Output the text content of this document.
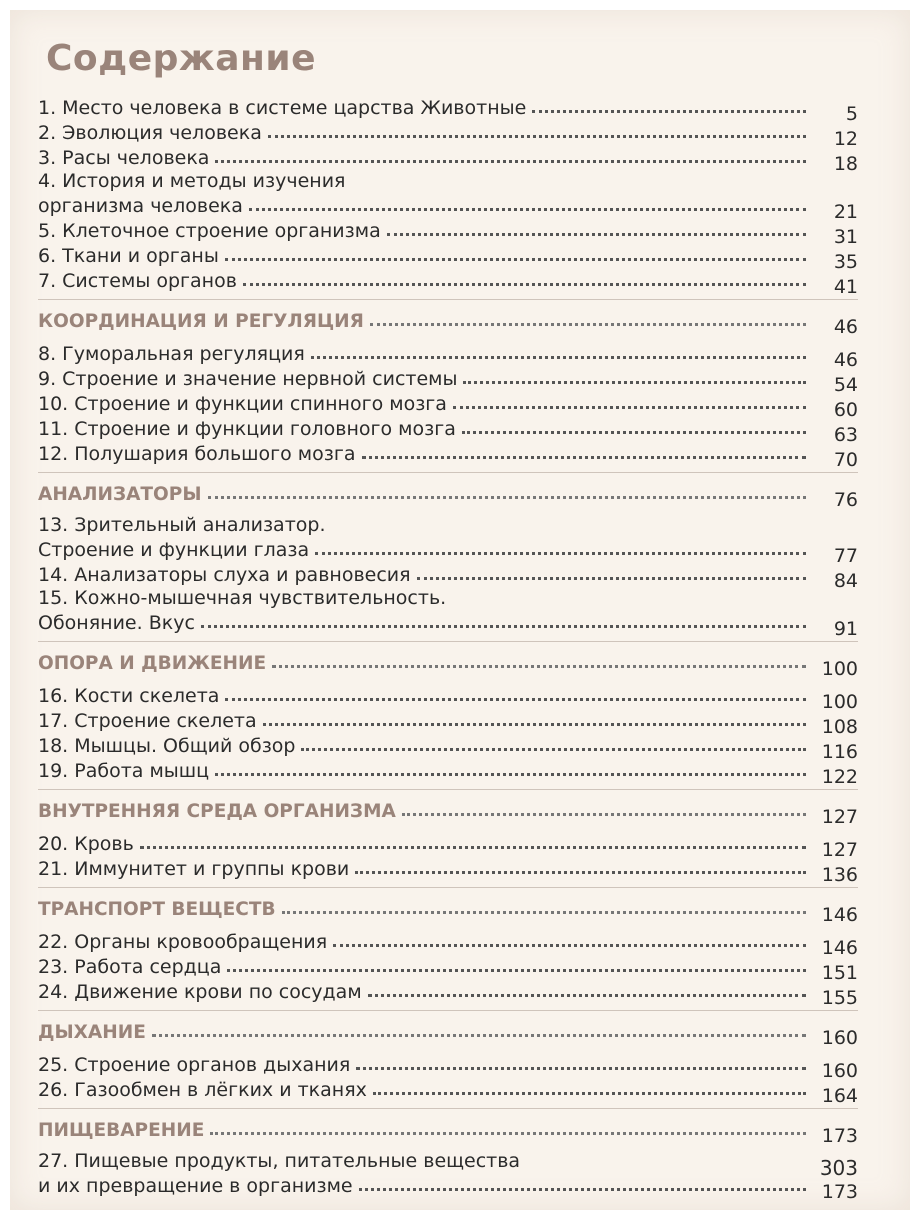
Содержание
1. Место человека в системе царства Животные	5
2. Эволюция человека	12
3. Расы человека	18
4. История и методы изучения
организма человека	21
5. Клеточное строение организма	31
6. Ткани и органы	35
7. Системы органов	41
КООРДИНАЦИЯ И РЕГУЛЯЦИЯ	46
8. Гуморальная регуляция	46
9. Строение и значение нервной системы	54
10. Строение и функции спинного мозга	60
11. Строение и функции головного мозга	63
12. Полушария большого мозга	70
АНАЛИЗАТОРЫ	76
13. Зрительный анализатор.
Строение и функции глаза	77
14. Анализаторы слуха и равновесия	84
15. Кожно-мышечная чувствительность.
Обоняние. Вкус	91
ОПОРА И ДВИЖЕНИЕ	100
16. Кости скелета	100
17. Строение скелета	108
18. Мышцы. Общий обзор	116
19. Работа мышц	122
ВНУТРЕННЯЯ СРЕДА ОРГАНИЗМА	127
20. Кровь	127
21. Иммунитет и группы крови	136
ТРАНСПОРТ ВЕЩЕСТВ	146
22. Органы кровообращения	146
23. Работа сердца	151
24. Движение крови по сосудам	155
ДЫХАНИЕ	160
25. Строение органов дыхания	160
26. Газообмен в лёгких и тканях	164
ПИЩЕВАРЕНИЕ	173
27. Пищевые продукты, питательные вещества
и их превращение в организме	173
303
